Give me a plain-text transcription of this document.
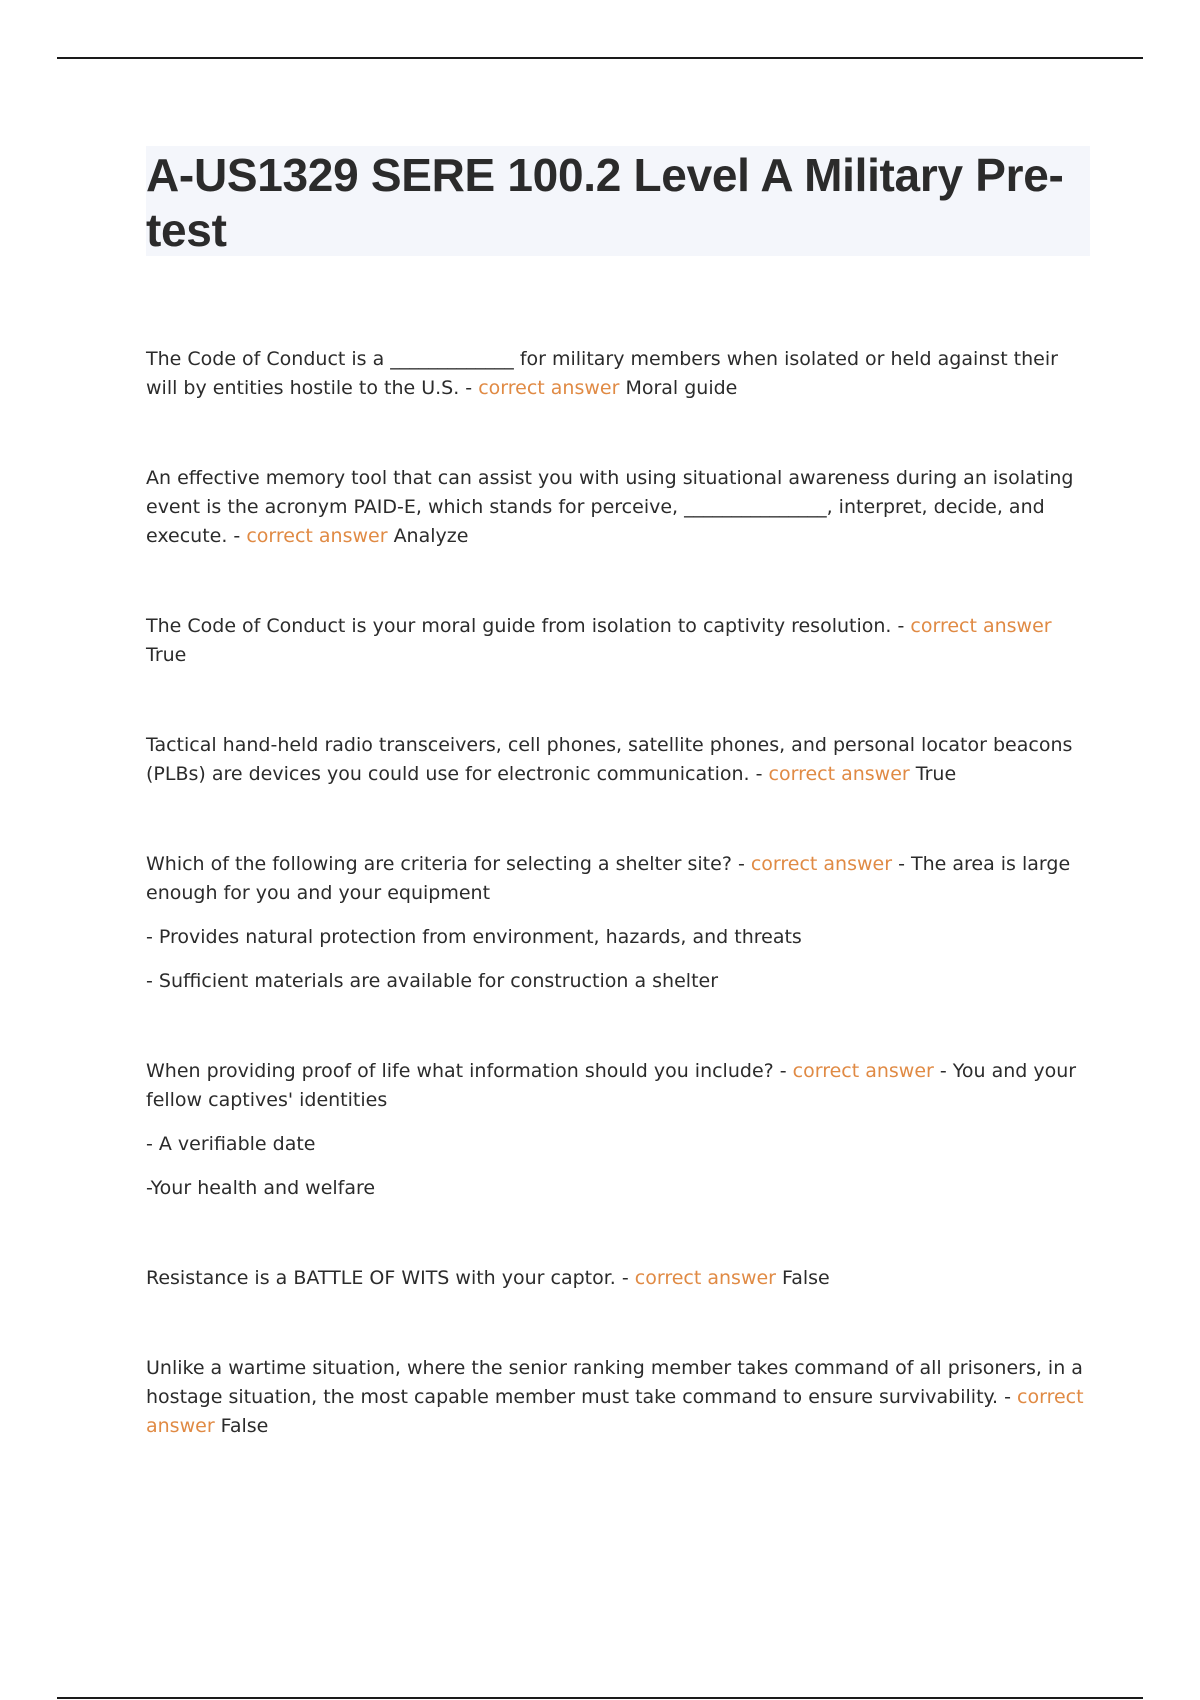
A-US1329 SERE 100.2 Level A Military Pre-test

The Code of Conduct is a _____________ for military members when isolated or held against their will by entities hostile to the U.S. - correct answer Moral guide

An effective memory tool that can assist you with using situational awareness during an isolating event is the acronym PAID-E, which stands for perceive, _______________, interpret, decide, and execute. - correct answer Analyze

The Code of Conduct is your moral guide from isolation to captivity resolution. - correct answer True

Tactical hand-held radio transceivers, cell phones, satellite phones, and personal locator beacons (PLBs) are devices you could use for electronic communication. - correct answer True

Which of the following are criteria for selecting a shelter site? - correct answer - The area is large enough for you and your equipment

- Provides natural protection from environment, hazards, and threats

- Sufficient materials are available for construction a shelter

When providing proof of life what information should you include? - correct answer - You and your fellow captives' identities

- A verifiable date

-Your health and welfare

Resistance is a BATTLE OF WITS with your captor. - correct answer False

Unlike a wartime situation, where the senior ranking member takes command of all prisoners, in a hostage situation, the most capable member must take command to ensure survivability. - correct answer False
